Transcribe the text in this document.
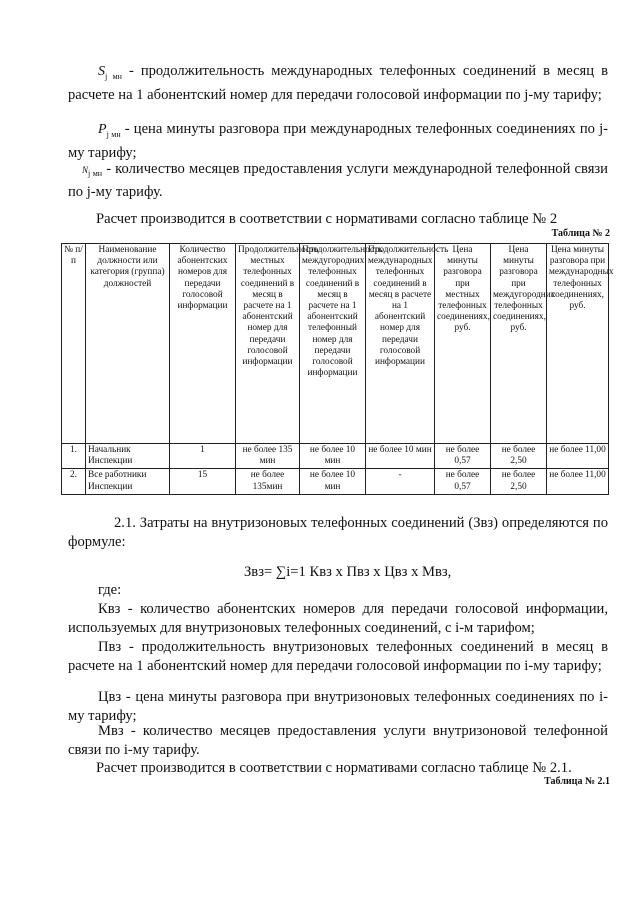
$S_{j мн}$ - продолжительность международных телефонных соединений в месяц в расчете на 1 абонентский номер для передачи голосовой информации по j-му тарифу;

$P_{j мн}$ - цена минуты разговора при международных телефонных соединениях по j-му тарифу;

$N_{j мн}$ - количество месяцев предоставления услуги международной телефонной связи по j-му тарифу.

Расчет производится в соответствии с нормативами согласно таблице № 2

Таблица № 2
№ п/ п	Наименование должности или категория (группа) должностей	Количество абонентских номеров для передачи голосовой информации	Продолжительность местных телефонных соединений в месяц в расчете на 1 абонентский номер для передачи голосовой информации	Продолжительность междугородних телефонных соединений в месяц в расчете на 1 абонентский телефонный номер для передачи голосовой информации	Продолжительность международных телефонных соединений в месяц в расчете на 1 абонентский номер для передачи голосовой информации	Цена минуты разговора при местных телефонных соединениях, руб.	Цена минуты разговора при междугородних телефонных соединениях, руб.	Цена минуты разговора при международных телефонных соединениях, руб.
1.	Начальник Инспекции	1	не более 135 мин	не более 10 мин	не более 10 мин	не более 0,57	не более 2,50	не более 11,00
2.	Все работники Инспекции	15	не более 135мин	не более 10 мин	-	не более 0,57	не более 2,50	не более 11,00

2.1. Затраты на внутризоновых телефонных соединений (Звз) определяются по формуле:

Звз= ∑i=1 Квз х Пвз х Цвз х Мвз,

где:

Квз - количество абонентских номеров для передачи голосовой информации, используемых для внутризоновых телефонных соединений, с i-м тарифом;

Пвз - продолжительность внутризоновых телефонных соединений в месяц в расчете на 1 абонентский номер для передачи голосовой информации по i-му тарифу;

Цвз - цена минуты разговора при внутризоновых телефонных соединениях по i-му тарифу;

Мвз - количество месяцев предоставления услуги внутризоновой телефонной связи по i-му тарифу.

Расчет производится в соответствии с нормативами согласно таблице № 2.1.

Таблица № 2.1
